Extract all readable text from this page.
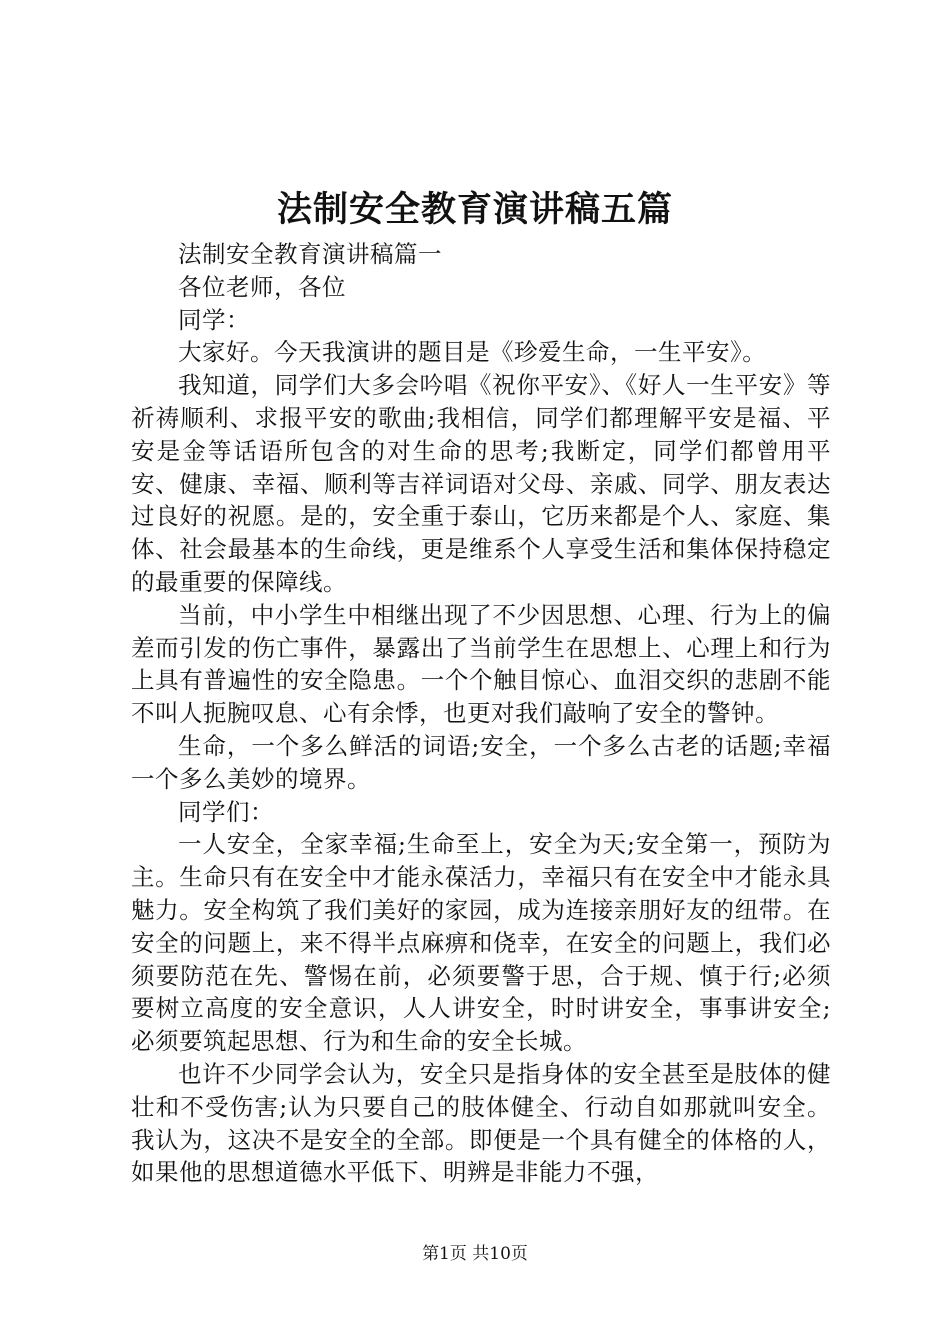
法制安全教育演讲稿五篇

法制安全教育演讲稿篇一

各位老师，各位

同学：

大家好。今天我演讲的题目是《珍爱生命，一生平安》。

我知道，同学们大多会吟唱《祝你平安》、《好人一生平安》等祈祷顺利、求报平安的歌曲;我相信，同学们都理解平安是福、平安是金等话语所包含的对生命的思考;我断定，同学们都曾用平安、健康、幸福、顺利等吉祥词语对父母、亲戚、同学、朋友表达过良好的祝愿。是的，安全重于泰山，它历来都是个人、家庭、集体、社会最基本的生命线，更是维系个人享受生活和集体保持稳定的最重要的保障线。

当前，中小学生中相继出现了不少因思想、心理、行为上的偏差而引发的伤亡事件，暴露出了当前学生在思想上、心理上和行为上具有普遍性的安全隐患。一个个触目惊心、血泪交织的悲剧不能不叫人扼腕叹息、心有余悸，也更对我们敲响了安全的警钟。

生命，一个多么鲜活的词语;安全，一个多么古老的话题;幸福一个多么美妙的境界。

同学们：

一人安全，全家幸福;生命至上，安全为天;安全第一，预防为主。生命只有在安全中才能永葆活力，幸福只有在安全中才能永具魅力。安全构筑了我们美好的家园，成为连接亲朋好友的纽带。在安全的问题上，来不得半点麻痹和侥幸，在安全的问题上，我们必须要防范在先、警惕在前，必须要警于思，合于规、慎于行;必须要树立高度的安全意识，人人讲安全，时时讲安全，事事讲安全;必须要筑起思想、行为和生命的安全长城。

也许不少同学会认为，安全只是指身体的安全甚至是肢体的健壮和不受伤害;认为只要自己的肢体健全、行动自如那就叫安全。我认为，这决不是安全的全部。即便是一个具有健全的体格的人，如果他的思想道德水平低下、明辨是非能力不强，

第1页 共10页
